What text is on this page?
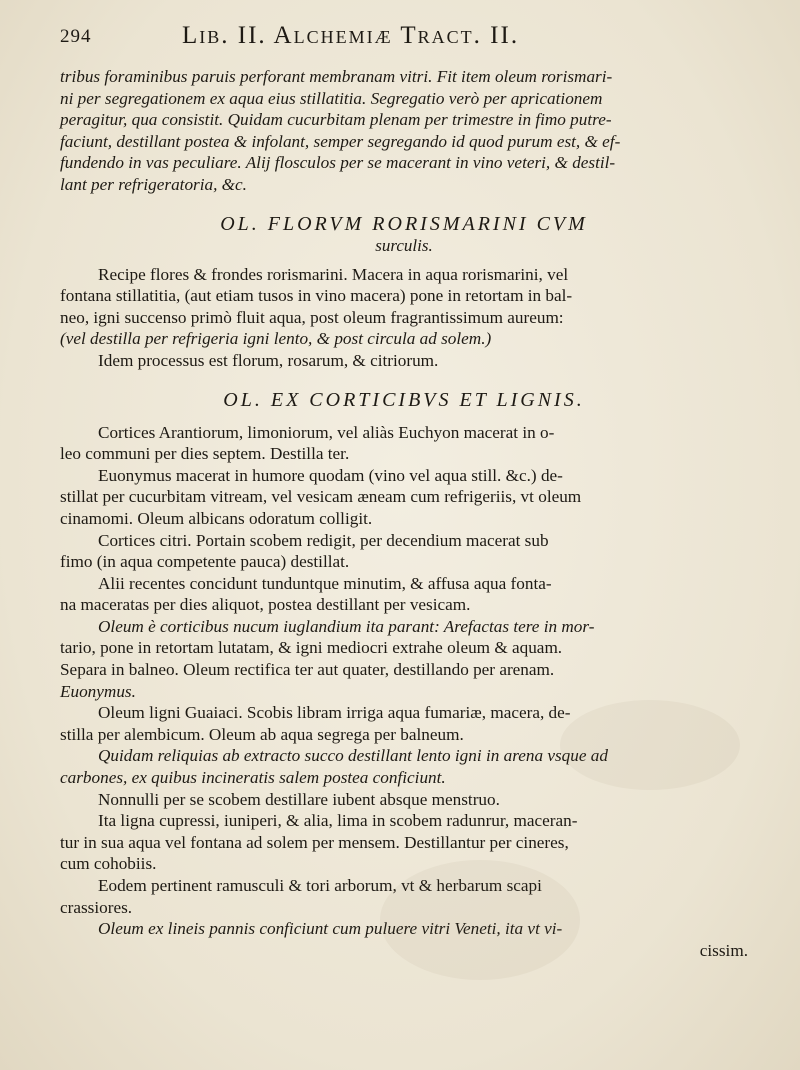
294	Lib. II. Alchemiæ Tract. II.

tribus foraminibus paruis perforant membranam vitri. Fit item oleum rorismari-

ni per segregationem ex aqua eius stillatitia. Segregatio verò per apricationem

peragitur, qua consistit. Quidam cucurbitam plenam per trimestre in fimo putre-

faciunt, destillant postea & infolant, semper segregando id quod purum est, & ef-

fundendo in vas peculiare. Alij flosculos per se macerant in vino veteri, & destil-

lant per refrigeratoria, &c.

OL. FLORVM RORISMARINI CVM
surculis.

Recipe flores & frondes rorismarini. Macera in aqua rorismarini, vel

fontana stillatitia, (aut etiam tusos in vino macera) pone in retortam in bal-

neo, igni succenso primò fluit aqua, post oleum fragrantissimum aureum:

(vel destilla per refrigeria igni lento, & post circula ad solem.)

Idem processus est florum, rosarum, & citriorum.

OL. EX CORTICIBVS ET LIGNIS.

Cortices Arantiorum, limoniorum, vel aliàs Euchyon macerat in o-

leo communi per dies septem. Destilla ter.

Euonymus macerat in humore quodam (vino vel aqua still. &c.) de-

stillat per cucurbitam vitream, vel vesicam æneam cum refrigeriis, vt oleum

cinamomi. Oleum albicans odoratum colligit.

Cortices citri. Portain scobem redigit, per decendium macerat sub

fimo (in aqua competente pauca) destillat.

Alii recentes concidunt tunduntque minutim, & affusa aqua fonta-

na maceratas per dies aliquot, postea destillant per vesicam.

Oleum è corticibus nucum iuglandium ita parant: Arefactas tere in mor-

tario, pone in retortam lutatam, & igni mediocri extrahe oleum & aquam.

Separa in balneo. Oleum rectifica ter aut quater, destillando per arenam.

Euonymus.

Oleum ligni Guaiaci. Scobis libram irriga aqua fumariæ, macera, de-

stilla per alembicum. Oleum ab aqua segrega per balneum.

Quidam reliquias ab extracto succo destillant lento igni in arena vsque ad

carbones, ex quibus incineratis salem postea conficiunt.

Nonnulli per se scobem destillare iubent absque menstruo.

Ita ligna cupressi, iuniperi, & alia, lima in scobem radunrur, maceran-

tur in sua aqua vel fontana ad solem per mensem. Destillantur per cineres,

cum cohobiis.

Eodem pertinent ramusculi & tori arborum, vt & herbarum scapi

crassiores.

Oleum ex lineis pannis conficiunt cum puluere vitri Veneti, ita vt vi-

cissim.
